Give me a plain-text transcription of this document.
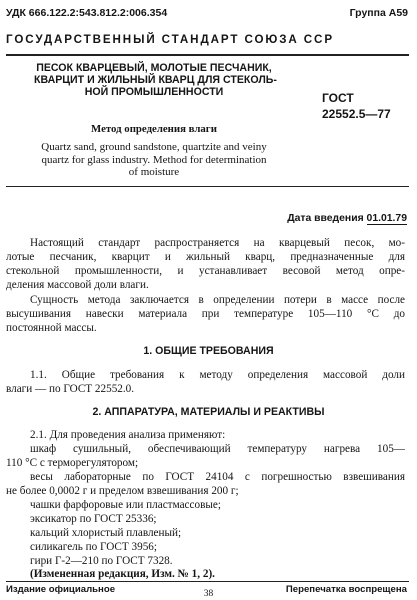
УДК 666.122.2:543.812.2:006.354	Группа А59
ГОСУДАРСТВЕННЫЙ СТАНДАРТ СОЮЗА ССР
ПЕСОК КВАРЦЕВЫЙ, МОЛОТЫЕ ПЕСЧАНИК,
КВАРЦИТ И ЖИЛЬНЫЙ КВАРЦ ДЛЯ СТЕКОЛЬ-
НОЙ ПРОМЫШЛЕННОСТИ
Метод определения влаги
Quartz sand, ground sandstone, quartzite and veiny
quartz for glass industry. Method for determination
of moisture
ГОСТ
22552.5—77
Дата введения 01.01.79
Настоящий стандарт распространяется на кварцевый песок, мо-
лотые песчаник, кварцит и жильный кварц, предназначенные для
стекольной промышленности, и устанавливает весовой метод опре-
деления массовой доли влаги.
Сущность метода заключается в определении потери в массе после
высушивания навески материала при температуре 105—110 °С до
постоянной массы.
1. ОБЩИЕ ТРЕБОВАНИЯ
1.1. Общие требования к методу определения массовой доли
влаги — по ГОСТ 22552.0.
2. АППАРАТУРА, МАТЕРИАЛЫ И РЕАКТИВЫ
2.1. Для проведения анализа применяют:
шкаф сушильный, обеспечивающий температуру нагрева 105—
110 °С с терморегулятором;
весы лабораторные по ГОСТ 24104 с погрешностью взвешивания
не более 0,0002 г и пределом взвешивания 200 г;
чашки фарфоровые или пластмассовые;
эксикатор по ГОСТ 25336;
кальций хлористый плавленый;
силикагель по ГОСТ 3956;
гири Г-2—210 по ГОСТ 7328.
(Измененная редакция, Изм. № 1, 2).
Издание официальное	Перепечатка воспрещена
38
